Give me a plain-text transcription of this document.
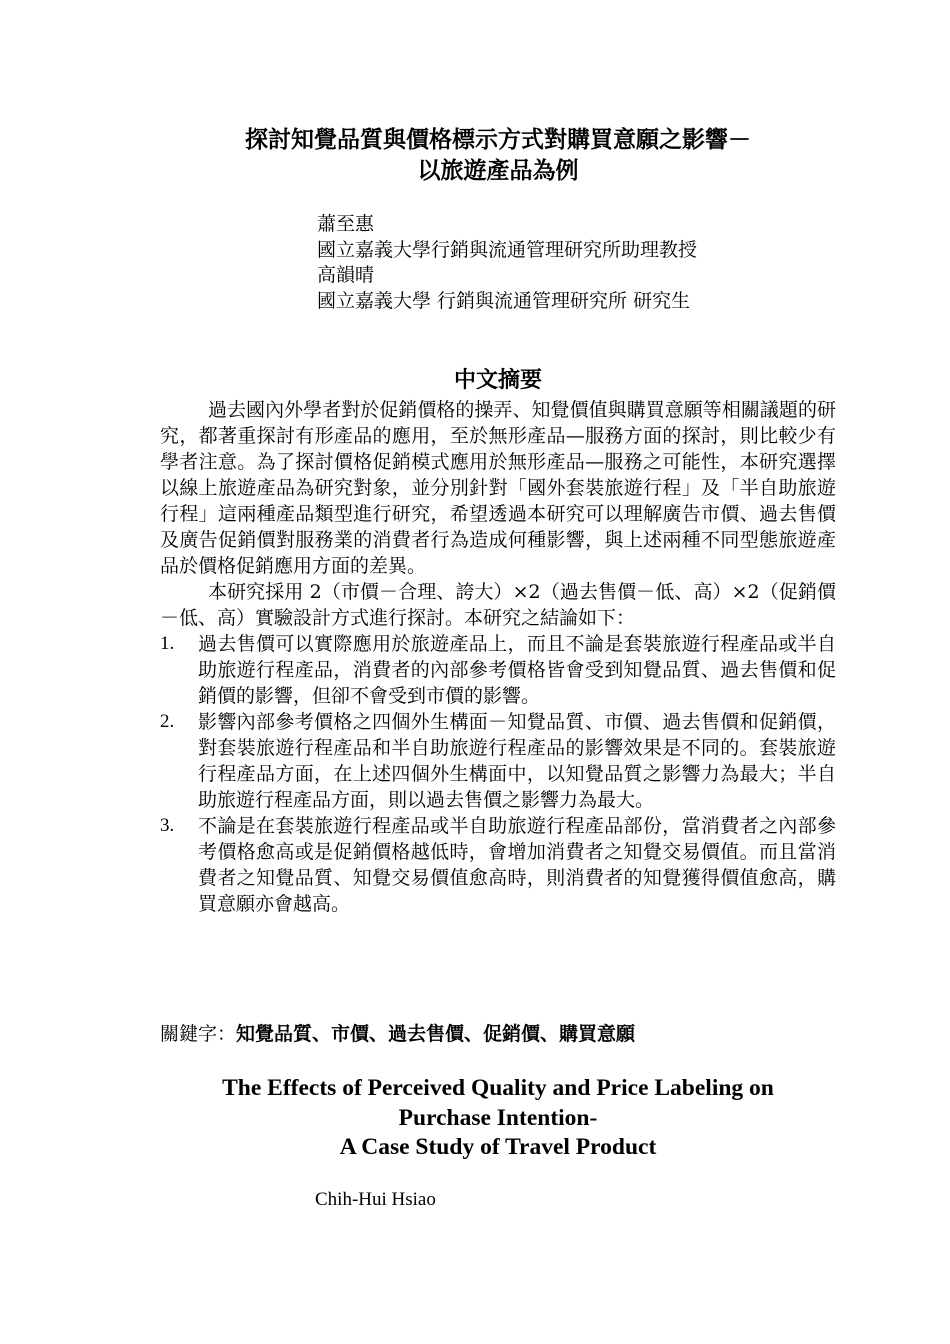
探討知覺品質與價格標示方式對購買意願之影響－
以旅遊產品為例
蕭至惠
國立嘉義大學行銷與流通管理研究所助理教授
高韻晴
國立嘉義大學 行銷與流通管理研究所 研究生
中文摘要

過去國內外學者對於促銷價格的操弄、知覺價值與購買意願等相關議題的研究，都著重探討有形產品的應用，至於無形產品—服務方面的探討，則比較少有學者注意。為了探討價格促銷模式應用於無形產品—服務之可能性，本研究選擇以線上旅遊產品為研究對象，並分別針對「國外套裝旅遊行程」及「半自助旅遊行程」這兩種產品類型進行研究，希望透過本研究可以理解廣告市價、過去售價及廣告促銷價對服務業的消費者行為造成何種影響，與上述兩種不同型態旅遊產品於價格促銷應用方面的差異。

本研究採用 2（市價－合理、誇大）×2（過去售價－低、高）×2（促銷價－低、高）實驗設計方式進行探討。本研究之結論如下：

1. 過去售價可以實際應用於旅遊產品上，而且不論是套裝旅遊行程產品或半自助旅遊行程產品，消費者的內部參考價格皆會受到知覺品質、過去售價和促銷價的影響，但卻不會受到市價的影響。
2. 影響內部參考價格之四個外生構面－知覺品質、市價、過去售價和促銷價，對套裝旅遊行程產品和半自助旅遊行程產品的影響效果是不同的。套裝旅遊行程產品方面，在上述四個外生構面中，以知覺品質之影響力為最大；半自助旅遊行程產品方面，則以過去售價之影響力為最大。
3. 不論是在套裝旅遊行程產品或半自助旅遊行程產品部份，當消費者之內部參考價格愈高或是促銷價格越低時，會增加消費者之知覺交易價值。而且當消費者之知覺品質、知覺交易價值愈高時，則消費者的知覺獲得價值愈高，購買意願亦會越高。
關鍵字：知覺品質、市價、過去售價、促銷價、購買意願
The Effects of Perceived Quality and Price Labeling on
Purchase Intention-
A Case Study of Travel Product
Chih-Hui Hsiao
